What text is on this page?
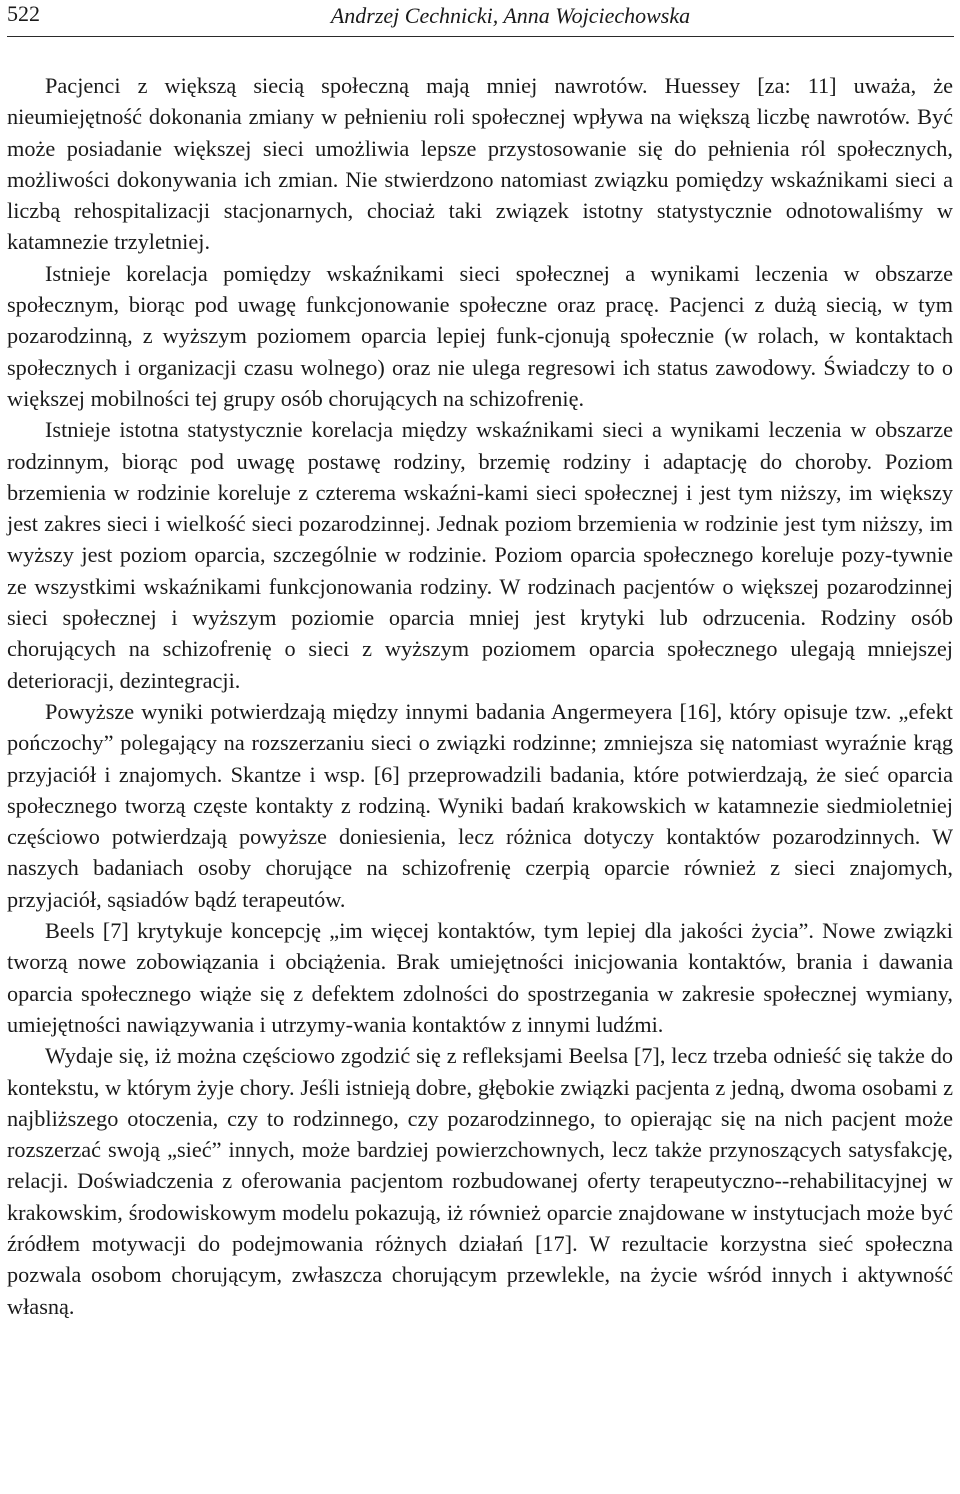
522	Andrzej Cechnicki, Anna Wojciechowska

Pacjenci z większą siecią społeczną mają mniej nawrotów. Huessey [za: 11] uważa, że nieumiejętność dokonania zmiany w pełnieniu roli społecznej wpływa na większą liczbę nawrotów. Być może posiadanie większej sieci umożliwia lepsze przystosowanie się do pełnienia ról społecznych, możliwości dokonywania ich zmian. Nie stwierdzono natomiast związku pomiędzy wskaźnikami sieci a liczbą rehospitalizacji stacjonarnych, chociaż taki związek istotny statystycznie odnotowaliśmy w katamnezie trzyletniej.

Istnieje korelacja pomiędzy wskaźnikami sieci społecznej a wynikami leczenia w obszarze społecznym, biorąc pod uwagę funkcjonowanie społeczne oraz pracę. Pacjenci z dużą siecią, w tym pozarodzinną, z wyższym poziomem oparcia lepiej funk-cjonują społecznie (w rolach, w kontaktach społecznych i organizacji czasu wolnego) oraz nie ulega regresowi ich status zawodowy. Świadczy to o większej mobilności tej grupy osób chorujących na schizofrenię.

Istnieje istotna statystycznie korelacja między wskaźnikami sieci a wynikami leczenia w obszarze rodzinnym, biorąc pod uwagę postawę rodziny, brzemię rodziny i adaptację do choroby. Poziom brzemienia w rodzinie koreluje z czterema wskaźni-kami sieci społecznej i jest tym niższy, im większy jest zakres sieci i wielkość sieci pozarodzinnej. Jednak poziom brzemienia w rodzinie jest tym niższy, im wyższy jest poziom oparcia, szczególnie w rodzinie. Poziom oparcia społecznego koreluje pozy-tywnie ze wszystkimi wskaźnikami funkcjonowania rodziny. W rodzinach pacjentów o większej pozarodzinnej sieci społecznej i wyższym poziomie oparcia mniej jest krytyki lub odrzucenia. Rodziny osób chorujących na schizofrenię o sieci z wyższym poziomem oparcia społecznego ulegają mniejszej deterioracji, dezintegracji.

Powyższe wyniki potwierdzają między innymi badania Angermeyera [16], który opisuje tzw. „efekt pończochy” polegający na rozszerzaniu sieci o związki rodzinne; zmniejsza się natomiast wyraźnie krąg przyjaciół i znajomych. Skantze i wsp. [6] przeprowadzili badania, które potwierdzają, że sieć oparcia społecznego tworzą częste kontakty z rodziną. Wyniki badań krakowskich w katamnezie siedmioletniej częściowo potwierdzają powyższe doniesienia, lecz różnica dotyczy kontaktów pozarodzinnych. W naszych badaniach osoby chorujące na schizofrenię czerpią oparcie również z sieci znajomych, przyjaciół, sąsiadów bądź terapeutów.

Beels [7] krytykuje koncepcję „im więcej kontaktów, tym lepiej dla jakości życia”. Nowe związki tworzą nowe zobowiązania i obciążenia. Brak umiejętności inicjowania kontaktów, brania i dawania oparcia społecznego wiąże się z defektem zdolności do spostrzegania w zakresie społecznej wymiany, umiejętności nawiązywania i utrzymy-wania kontaktów z innymi ludźmi.

Wydaje się, iż można częściowo zgodzić się z refleksjami Beelsa [7], lecz trzeba odnieść się także do kontekstu, w którym żyje chory. Jeśli istnieją dobre, głębokie związki pacjenta z jedną, dwoma osobami z najbliższego otoczenia, czy to rodzinnego, czy pozarodzinnego, to opierając się na nich pacjent może rozszerzać swoją „sieć” innych, może bardziej powierzchownych, lecz także przynoszących satysfakcję, relacji. Doświadczenia z oferowania pacjentom rozbudowanej oferty terapeutyczno--rehabilitacyjnej w krakowskim, środowiskowym modelu pokazują, iż również oparcie znajdowane w instytucjach może być źródłem motywacji do podejmowania różnych działań [17]. W rezultacie korzystna sieć społeczna pozwala osobom chorującym, zwłaszcza chorującym przewlekle, na życie wśród innych i aktywność własną.
